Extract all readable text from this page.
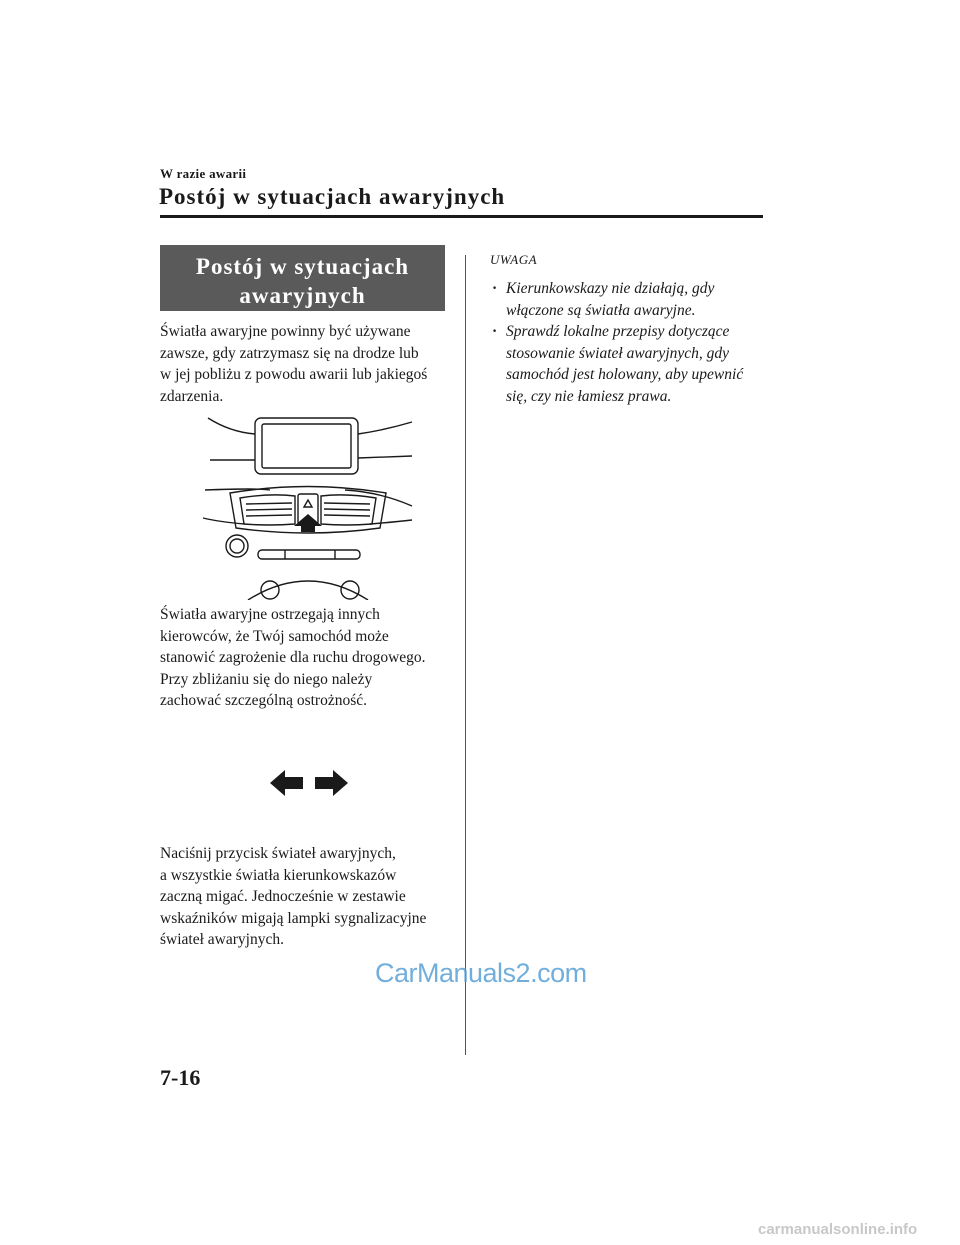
W razie awarii
Postój w sytuacjach awaryjnych
Postój w sytuacjach
awaryjnych

Światła awaryjne powinny być używane
zawsze, gdy zatrzymasz się na drodze lub
w jej pobliżu z powodu awarii lub jakiegoś
zdarzenia.

Światła awaryjne ostrzegają innych
kierowców, że Twój samochód może
stanowić zagrożenie dla ruchu drogowego.
Przy zbliżaniu się do niego należy
zachować szczególną ostrożność.

Naciśnij przycisk świateł awaryjnych,
a wszystkie światła kierunkowskazów
zaczną migać. Jednocześnie w zestawie
wskaźników migają lampki sygnalizacyjne
świateł awaryjnych.

UWAGA
· Kierunkowskazy nie działają, gdy włączone są światła awaryjne.
· Sprawdź lokalne przepisy dotyczące stosowanie świateł awaryjnych, gdy samochód jest holowany, aby upewnić się, czy nie łamiesz prawa.
CarManuals2.com
7-16
carmanualsonline.info
